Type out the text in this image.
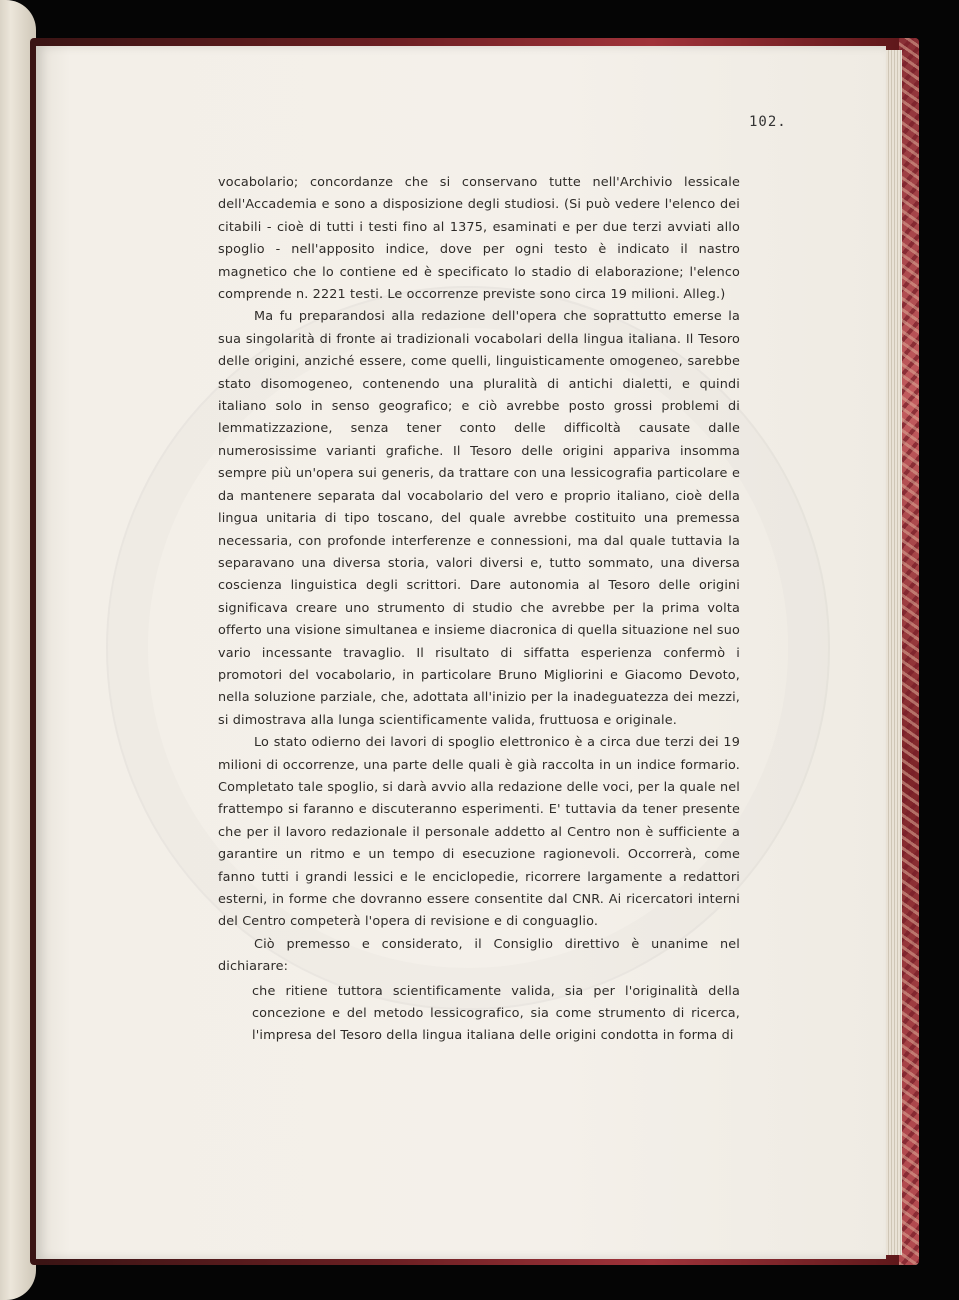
102.

vocabolario; concordanze che si conservano tutte nell'Archivio lessicale dell'Accademia e sono a disposizione degli studiosi. (Si può vedere l'elenco dei citabili - cioè di tutti i testi fino al 1375, esaminati e per due terzi avviati allo spoglio - nell'apposito indice, dove per ogni testo è indicato il nastro magnetico che lo contiene ed è specificato lo stadio di elaborazione; l'elenco comprende n. 2221 testi. Le occorrenze previste sono circa 19 milioni. Alleg.)

Ma fu preparandosi alla redazione dell'opera che soprattutto emerse la sua singolarità di fronte ai tradizionali vocabolari della lingua italiana. Il Tesoro delle origini, anziché essere, come quelli, linguisticamente omogeneo, sarebbe stato disomogeneo, contenendo una pluralità di antichi dialetti, e quindi italiano solo in senso geografico; e ciò avrebbe posto grossi problemi di lemmatizzazione, senza tener conto delle difficoltà causate dalle numerosissime varianti grafiche. Il Tesoro delle origini appariva insomma sempre più un'opera sui generis, da trattare con una lessicografia particolare e da mantenere separata dal vocabolario del vero e proprio italiano, cioè della lingua unitaria di tipo toscano, del quale avrebbe costituito una premessa necessaria, con profonde interferenze e connessioni, ma dal quale tuttavia la separavano una diversa storia, valori diversi e, tutto sommato, una diversa coscienza linguistica degli scrittori. Dare autonomia al Tesoro delle origini significava creare uno strumento di studio che avrebbe per la prima volta offerto una visione simultanea e insieme diacronica di quella situazione nel suo vario incessante travaglio. Il risultato di siffatta esperienza confermò i promotori del vocabolario, in particolare Bruno Migliorini e Giacomo Devoto, nella soluzione parziale, che, adottata all'inizio per la inadeguatezza dei mezzi, si dimostrava alla lunga scientificamente valida, fruttuosa e originale.

Lo stato odierno dei lavori di spoglio elettronico è a circa due terzi dei 19 milioni di occorrenze, una parte delle quali è già raccolta in un indice formario. Completato tale spoglio, si darà avvio alla redazione delle voci, per la quale nel frattempo si faranno e discuteranno esperimenti. E' tuttavia da tener presente che per il lavoro redazionale il personale addetto al Centro non è sufficiente a garantire un ritmo e un tempo di esecuzione ragionevoli. Occorrerà, come fanno tutti i grandi lessici e le enciclopedie, ricorrere largamente a redattori esterni, in forme che dovranno essere consentite dal CNR. Ai ricercatori interni del Centro competerà l'opera di revisione e di conguaglio.

Ciò premesso e considerato, il Consiglio direttivo è unanime nel dichiarare:

che ritiene tuttora scientificamente valida, sia per l'originalità della concezione e del metodo lessicografico, sia come strumento di ricerca, l'impresa del Tesoro della lingua italiana delle origini condotta in forma di
